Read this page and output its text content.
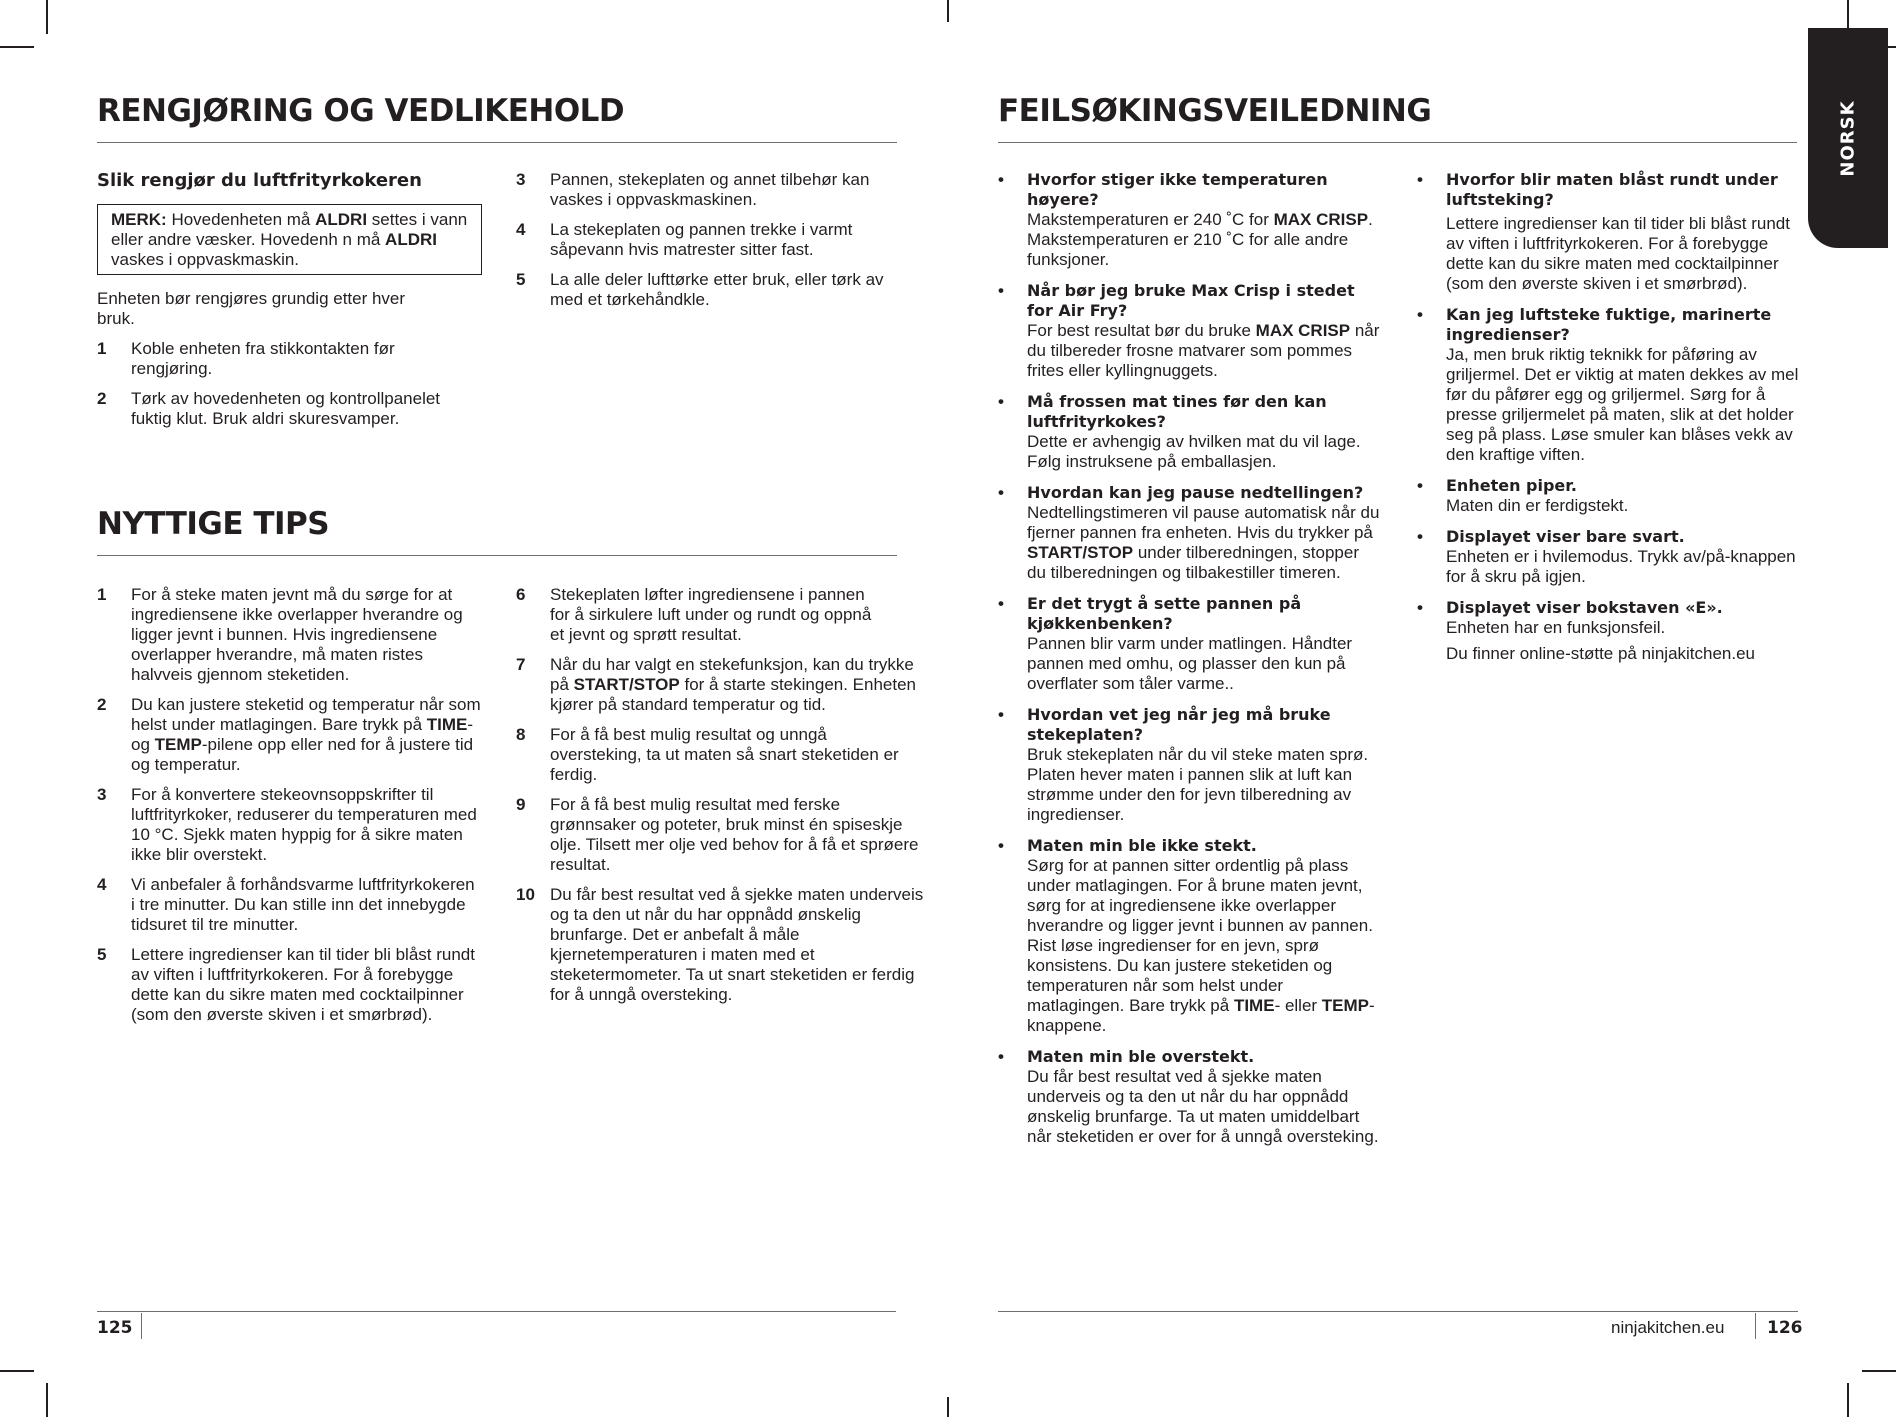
NORSK
RENGJØRING OG VEDLIKEHOLD
Slik rengjør du luftfrityrkokeren
MERK: Hovedenheten må ALDRI settes i vann eller andre væsker. Hovedenh n må ALDRI vaskes i oppvaskmaskin.
Enheten bør rengjøres grundig etter hver bruk.
1 Koble enheten fra stikkontakten før rengjøring.
2 Tørk av hovedenheten og kontrollpanelet fuktig klut. Bruk aldri skuresvamper.
3 Pannen, stekeplaten og annet tilbehør kan vaskes i oppvaskmaskinen.
4 La stekeplaten og pannen trekke i varmt såpevann hvis matrester sitter fast.
5 La alle deler lufttørke etter bruk, eller tørk av med et tørkehåndkle.
NYTTIGE TIPS
1 For å steke maten jevnt må du sørge for at ingrediensene ikke overlapper hverandre og ligger jevnt i bunnen. Hvis ingrediensene overlapper hverandre, må maten ristes halvveis gjennom steketiden.
2 Du kan justere steketid og temperatur når som helst under matlagingen. Bare trykk på TIME- og TEMP-pilene opp eller ned for å justere tid og temperatur.
3 For å konvertere stekeovnsoppskrifter til luftfrityrkoker, reduserer du temperaturen med 10 °C. Sjekk maten hyppig for å sikre maten ikke blir overstekt.
4 Vi anbefaler å forhåndsvarme luftfrityrkokeren i tre minutter. Du kan stille inn det innebygde tidsuret til tre minutter.
5 Lettere ingredienser kan til tider bli blåst rundt av viften i luftfrityrkokeren. For å forebygge dette kan du sikre maten med cocktailpinner (som den øverste skiven i et smørbrød).
6 Stekeplaten løfter ingrediensene i pannen for å sirkulere luft under og rundt og oppnå et jevnt og sprøtt resultat.
7 Når du har valgt en stekefunksjon, kan du trykke på START/STOP for å starte stekingen. Enheten kjører på standard temperatur og tid.
8 For å få best mulig resultat og unngå oversteking, ta ut maten så snart steketiden er ferdig.
9 For å få best mulig resultat med ferske grønnsaker og poteter, bruk minst én spiseskje olje. Tilsett mer olje ved behov for å få et sprøere resultat.
10 Du får best resultat ved å sjekke maten underveis og ta den ut når du har oppnådd ønskelig brunfarge. Det er anbefalt å måle kjernetemperaturen i maten med et steketermometer. Ta ut snart steketiden er ferdig for å unngå oversteking.
125
FEILSØKINGSVEILEDNING
• Hvorfor stiger ikke temperaturen høyere?
Makstemperaturen er 240 ˚C for MAX CRISP. Makstemperaturen er 210 ˚C for alle andre funksjoner.
• Når bør jeg bruke Max Crisp i stedet for Air Fry?
For best resultat bør du bruke MAX CRISP når du tilbereder frosne matvarer som pommes frites eller kyllingnuggets.
• Må frossen mat tines før den kan luftfrityrkokes?
Dette er avhengig av hvilken mat du vil lage. Følg instruksene på emballasjen.
• Hvordan kan jeg pause nedtellingen?
Nedtellingstimeren vil pause automatisk når du fjerner pannen fra enheten. Hvis du trykker på START/STOP under tilberedningen, stopper du tilberedningen og tilbakestiller timeren.
• Er det trygt å sette pannen på kjøkkenbenken?
Pannen blir varm under matlingen. Håndter pannen med omhu, og plasser den kun på overflater som tåler varme..
• Hvordan vet jeg når jeg må bruke stekeplaten?
Bruk stekeplaten når du vil steke maten sprø. Platen hever maten i pannen slik at luft kan strømme under den for jevn tilberedning av ingredienser.
• Maten min ble ikke stekt.
Sørg for at pannen sitter ordentlig på plass under matlagingen. For å brune maten jevnt, sørg for at ingrediensene ikke overlapper hverandre og ligger jevnt i bunnen av pannen. Rist løse ingredienser for en jevn, sprø konsistens. Du kan justere steketiden og temperaturen når som helst under matlagingen. Bare trykk på TIME- eller TEMP-knappene.
• Maten min ble overstekt.
Du får best resultat ved å sjekke maten underveis og ta den ut når du har oppnådd ønskelig brunfarge. Ta ut maten umiddelbart når steketiden er over for å unngå oversteking.
• Hvorfor blir maten blåst rundt under luftsteking?
Lettere ingredienser kan til tider bli blåst rundt av viften i luftfrityrkokeren. For å forebygge dette kan du sikre maten med cocktailpinner (som den øverste skiven i et smørbrød).
• Kan jeg luftsteke fuktige, marinerte ingredienser?
Ja, men bruk riktig teknikk for påføring av griljermel. Det er viktig at maten dekkes av mel før du påfører egg og griljermel. Sørg for å presse griljermelet på maten, slik at det holder seg på plass. Løse smuler kan blåses vekk av den kraftige viften.
• Enheten piper.
Maten din er ferdigstekt.
• Displayet viser bare svart.
Enheten er i hvilemodus. Trykk av/på-knappen for å skru på igjen.
• Displayet viser bokstaven «E».
Enheten har en funksjonsfeil.
Du finner online-støtte på ninjakitchen.eu
ninjakitchen.eu	126
